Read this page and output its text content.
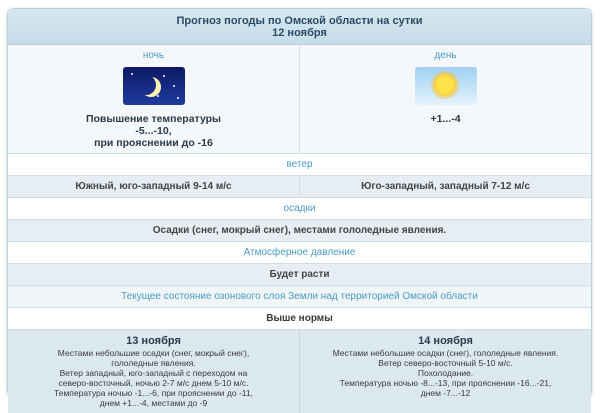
Прогноз погоды по Омской области на сутки
12 ноября
ночь
Повышение температуры
-5...-10,
при прояснении до -16
день
+1...-4
ветер
Южный, юго-западный 9-14 м/с	Юго-западный, западный 7-12 м/с
осадки
Осадки (снег, мокрый снег), местами гололедные явления.
Атмосферное давление
Будет расти
Текущее состояние озонового слоя Земли над территорией Омской области
Выше нормы
13 ноября
Местами небольшие осадки (снег, мокрый снег),
гололедные явления.
Ветер западный, юго-западный с переходом на
северо-восточный, ночью 2-7 м/с днем 5-10 м/с.
Температура ночью -1...-6, при прояснении до -11,
днем +1...-4, местами до -9
14 ноября
Местами небольшие осадки (снег), гололедные явления.
Ветер северо-восточный 5-10 м/с.
Похолодание.
Температура ночью -8...-13, при прояснении -16...-21,
днем -7...-12
